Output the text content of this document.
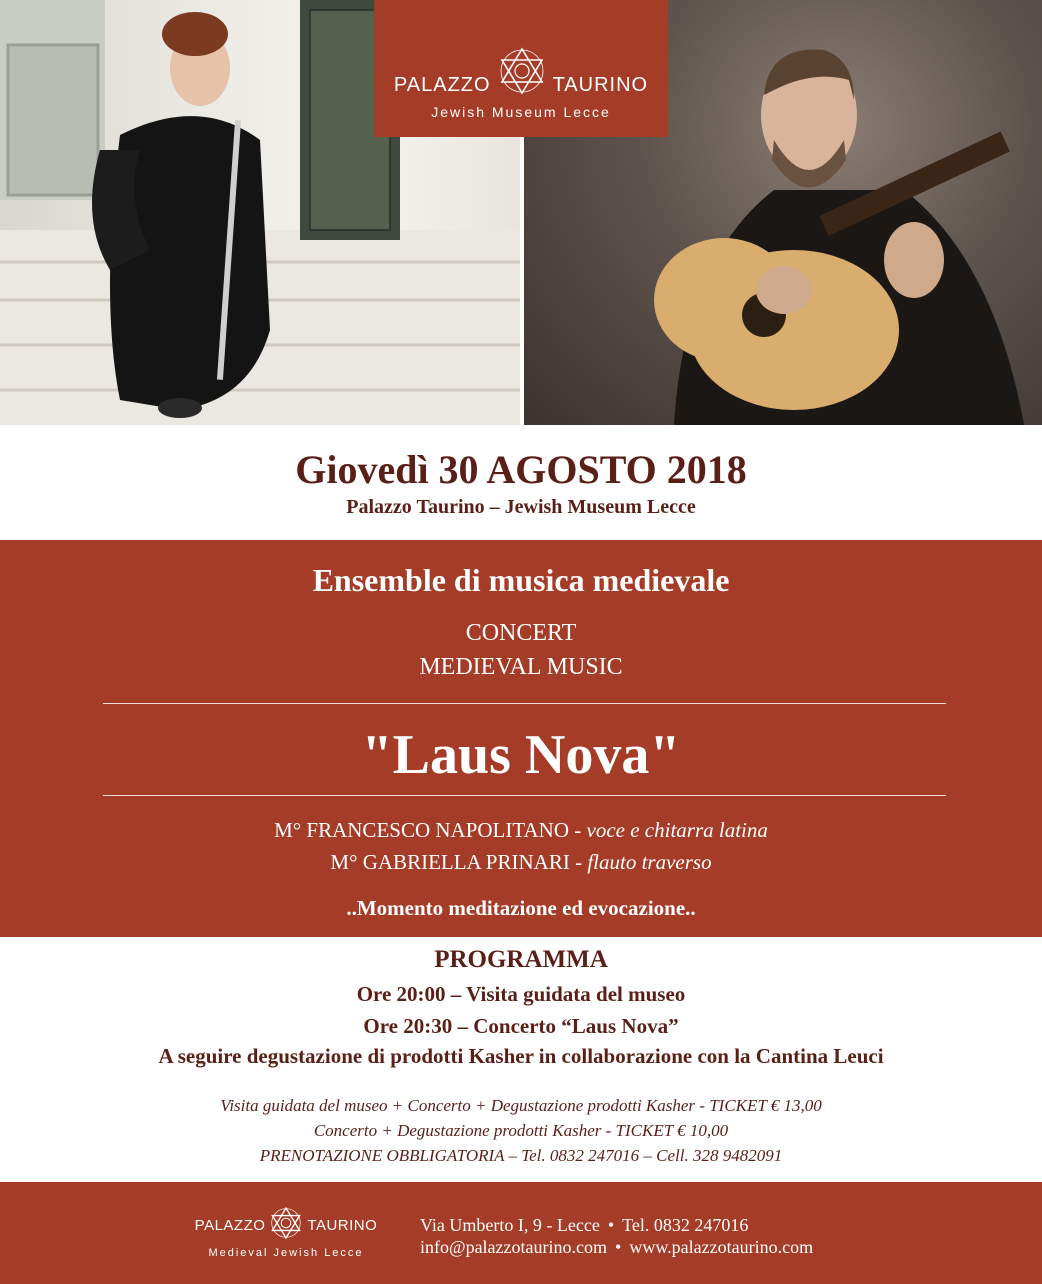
PALAZZO	TAURINO
Jewish Museum Lecce
Giovedì 30 AGOSTO 2018
Palazzo Taurino – Jewish Museum Lecce
Ensemble di musica medievale
CONCERT
MEDIEVAL MUSIC
"Laus Nova"
M° FRANCESCO NAPOLITANO - voce e chitarra latina
M° GABRIELLA PRINARI - flauto traverso
..Momento meditazione ed evocazione..
PROGRAMMA
Ore 20:00 – Visita guidata del museo
Ore 20:30 – Concerto “Laus Nova”
A seguire degustazione di prodotti Kasher in collaborazione con la Cantina Leuci
Visita guidata del museo + Concerto + Degustazione prodotti Kasher - TICKET € 13,00
Concerto + Degustazione prodotti Kasher - TICKET € 10,00
PRENOTAZIONE OBBLIGATORIA – Tel. 0832 247016 – Cell. 328 9482091
PALAZZO	TAURINO
Medieval Jewish Lecce
Via Umberto I, 9 - Lecce • Tel. 0832 247016
info@palazzotaurino.com • www.palazzotaurino.com
